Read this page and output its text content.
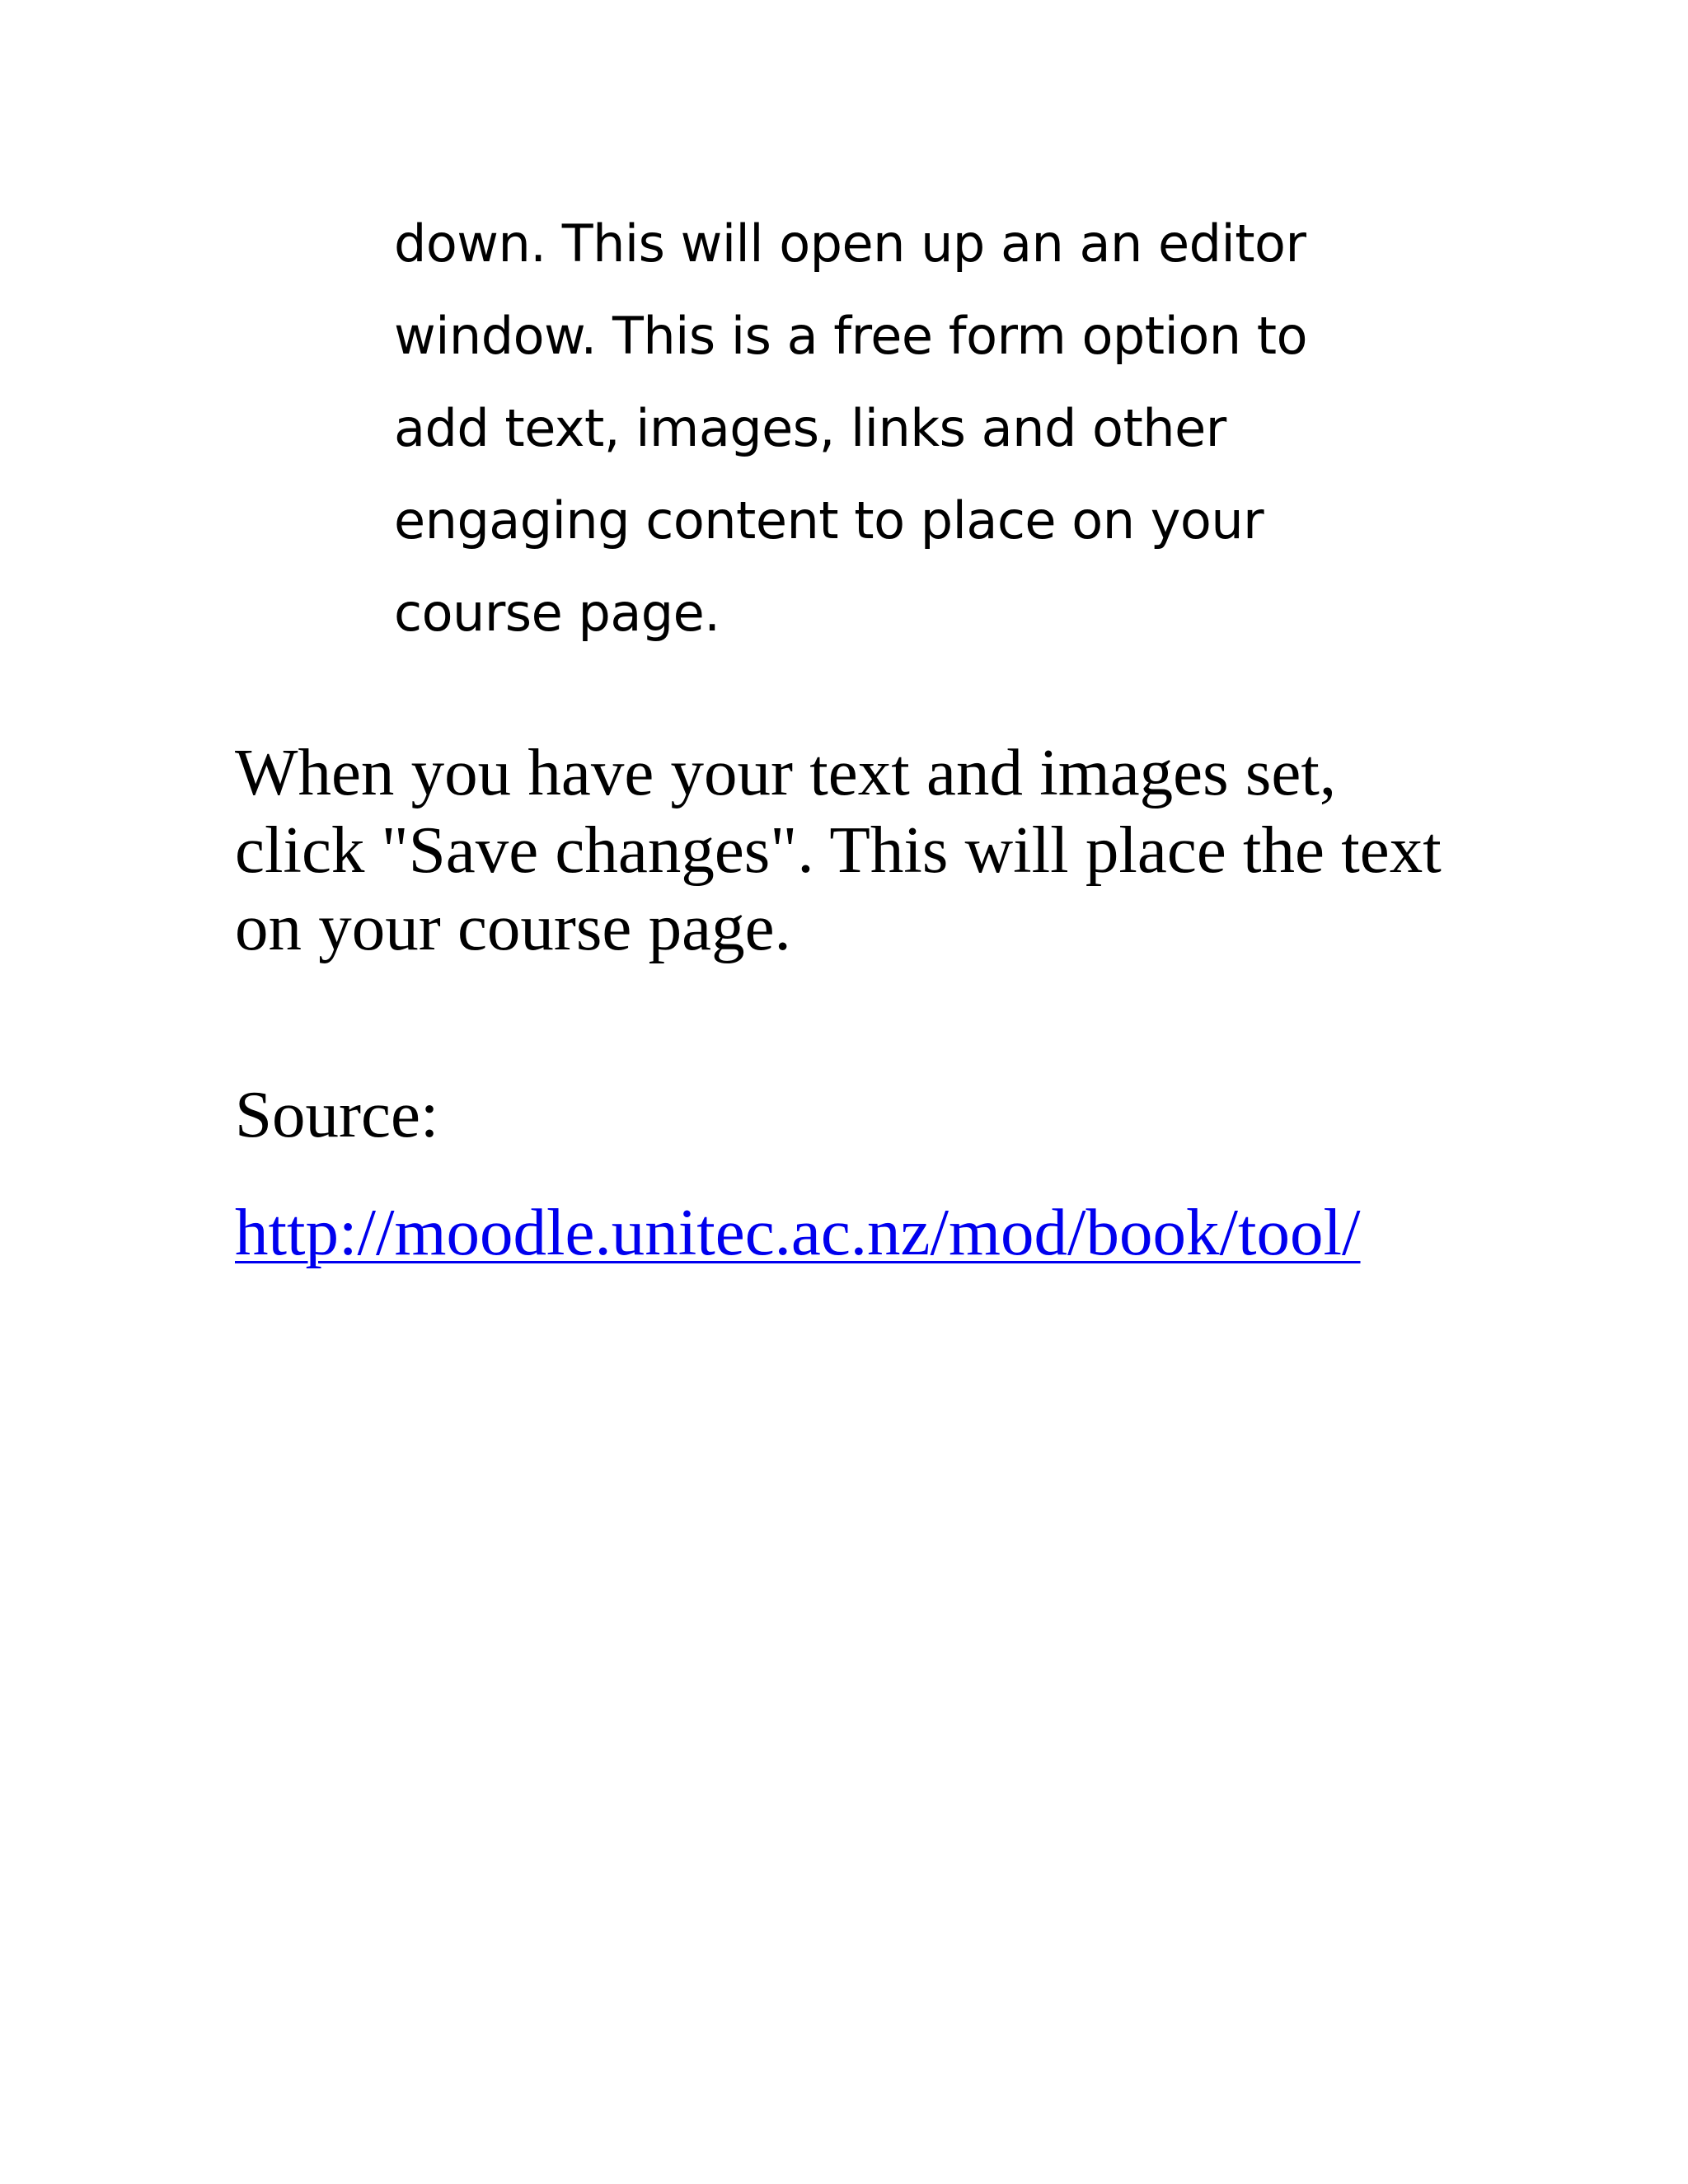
down. This will open up an an editor
window. This is a free form option to
add text, images, links and other
engaging content to place on your
course page.
When you have your text and images set,
click "Save changes". This will place the text
on your course page.

Source:

http://moodle.unitec.ac.nz/mod/book/tool/
